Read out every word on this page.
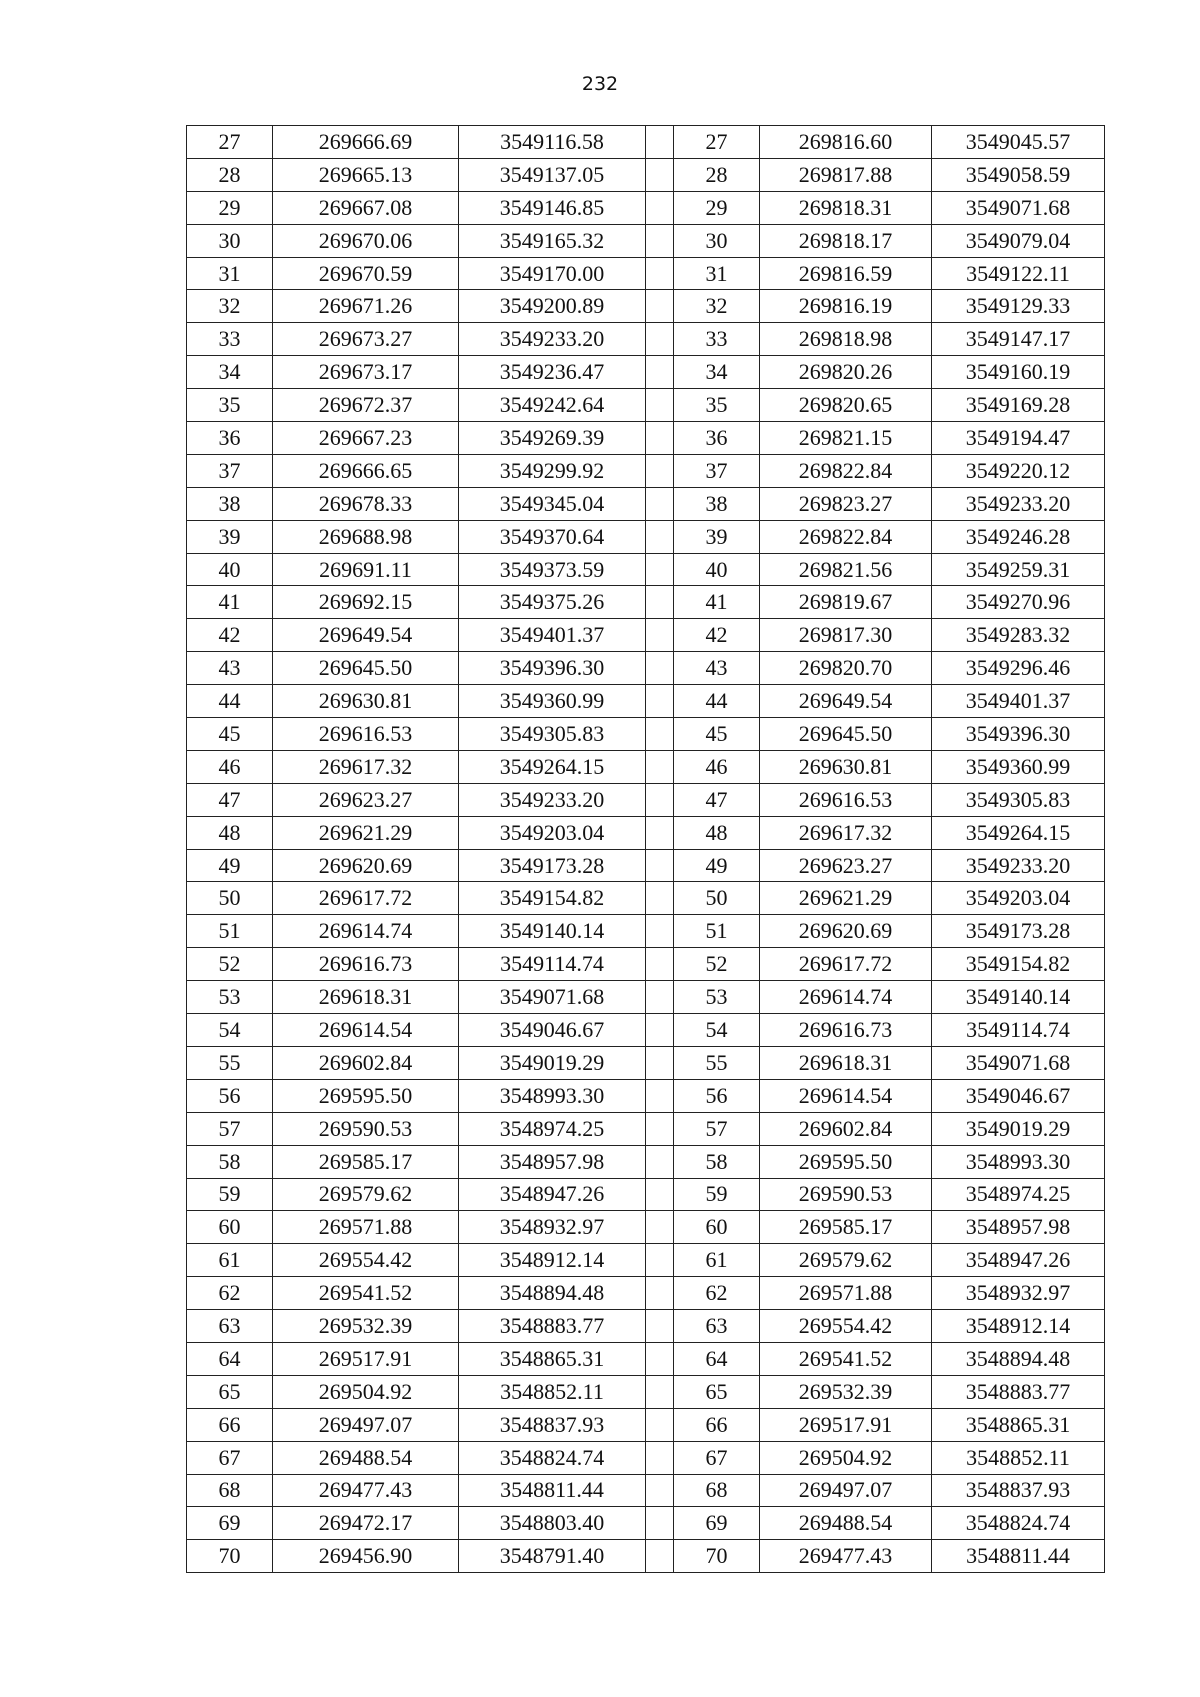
232
27	269666.69	3549116.58		27	269816.60	3549045.57
28	269665.13	3549137.05		28	269817.88	3549058.59
29	269667.08	3549146.85		29	269818.31	3549071.68
30	269670.06	3549165.32		30	269818.17	3549079.04
31	269670.59	3549170.00		31	269816.59	3549122.11
32	269671.26	3549200.89		32	269816.19	3549129.33
33	269673.27	3549233.20		33	269818.98	3549147.17
34	269673.17	3549236.47		34	269820.26	3549160.19
35	269672.37	3549242.64		35	269820.65	3549169.28
36	269667.23	3549269.39		36	269821.15	3549194.47
37	269666.65	3549299.92		37	269822.84	3549220.12
38	269678.33	3549345.04		38	269823.27	3549233.20
39	269688.98	3549370.64		39	269822.84	3549246.28
40	269691.11	3549373.59		40	269821.56	3549259.31
41	269692.15	3549375.26		41	269819.67	3549270.96
42	269649.54	3549401.37		42	269817.30	3549283.32
43	269645.50	3549396.30		43	269820.70	3549296.46
44	269630.81	3549360.99		44	269649.54	3549401.37
45	269616.53	3549305.83		45	269645.50	3549396.30
46	269617.32	3549264.15		46	269630.81	3549360.99
47	269623.27	3549233.20		47	269616.53	3549305.83
48	269621.29	3549203.04		48	269617.32	3549264.15
49	269620.69	3549173.28		49	269623.27	3549233.20
50	269617.72	3549154.82		50	269621.29	3549203.04
51	269614.74	3549140.14		51	269620.69	3549173.28
52	269616.73	3549114.74		52	269617.72	3549154.82
53	269618.31	3549071.68		53	269614.74	3549140.14
54	269614.54	3549046.67		54	269616.73	3549114.74
55	269602.84	3549019.29		55	269618.31	3549071.68
56	269595.50	3548993.30		56	269614.54	3549046.67
57	269590.53	3548974.25		57	269602.84	3549019.29
58	269585.17	3548957.98		58	269595.50	3548993.30
59	269579.62	3548947.26		59	269590.53	3548974.25
60	269571.88	3548932.97		60	269585.17	3548957.98
61	269554.42	3548912.14		61	269579.62	3548947.26
62	269541.52	3548894.48		62	269571.88	3548932.97
63	269532.39	3548883.77		63	269554.42	3548912.14
64	269517.91	3548865.31		64	269541.52	3548894.48
65	269504.92	3548852.11		65	269532.39	3548883.77
66	269497.07	3548837.93		66	269517.91	3548865.31
67	269488.54	3548824.74		67	269504.92	3548852.11
68	269477.43	3548811.44		68	269497.07	3548837.93
69	269472.17	3548803.40		69	269488.54	3548824.74
70	269456.90	3548791.40		70	269477.43	3548811.44
